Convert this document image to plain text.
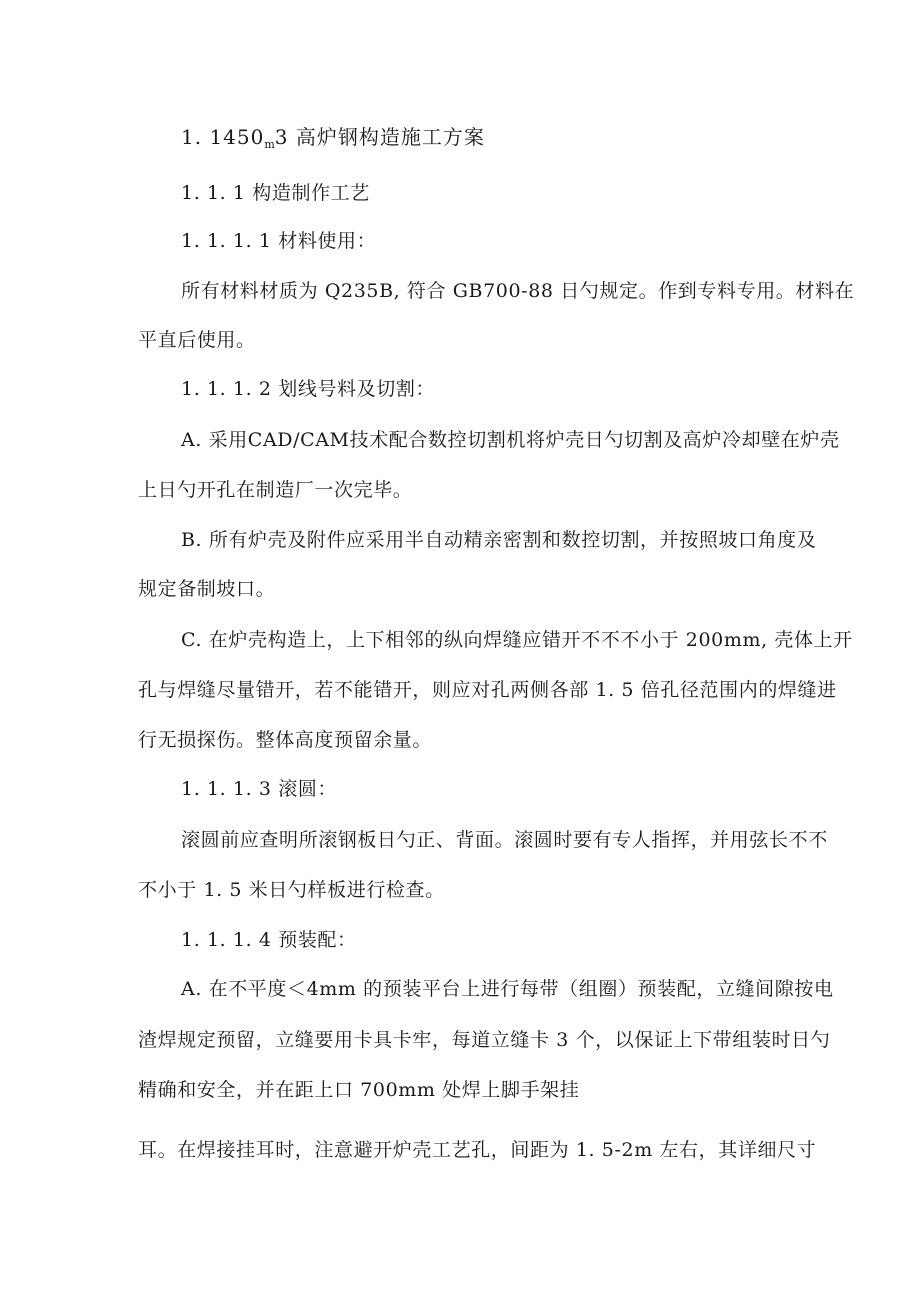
1. $1450_m3$ 高炉钢构造施工方案
1. 1. 1 构造制作工艺
1. 1. 1. 1 材料使用：
所有材料材质为 Q235B, 符合 GB700-88 日勺规定。作到专料专用。材料在
平直后使用。
1. 1. 1. 2 划线号料及切割：
A. 采用CAD/CAM技术配合数控切割机将炉壳日勺切割及高炉冷却壁在炉壳
上日勺开孔在制造厂一次完毕。
B. 所有炉壳及附件应采用半自动精亲密割和数控切割，并按照坡口角度及
规定备制坡口。
C. 在炉壳构造上，上下相邻的纵向焊缝应错开不不不小于 200mm, 壳体上开
孔与焊缝尽量错开，若不能错开，则应对孔两侧各部 1. 5 倍孔径范围内的焊缝进
行无损探伤。整体高度预留余量。
1. 1. 1. 3 滚圆：
滚圆前应查明所滚钢板日勺正、背面。滚圆时要有专人指挥，并用弦长不不
不小于 1. 5 米日勺样板进行检查。
1. 1. 1. 4 预装配：
A. 在不平度＜4mm 的预装平台上进行每带（组圈）预装配，立缝间隙按电
渣焊规定预留，立缝要用卡具卡牢，每道立缝卡 3 个，以保证上下带组装时日勺
精确和安全，并在距上口 700mm 处焊上脚手架挂
耳。在焊接挂耳时，注意避开炉壳工艺孔，间距为 1. 5-2m 左右，其详细尺寸
